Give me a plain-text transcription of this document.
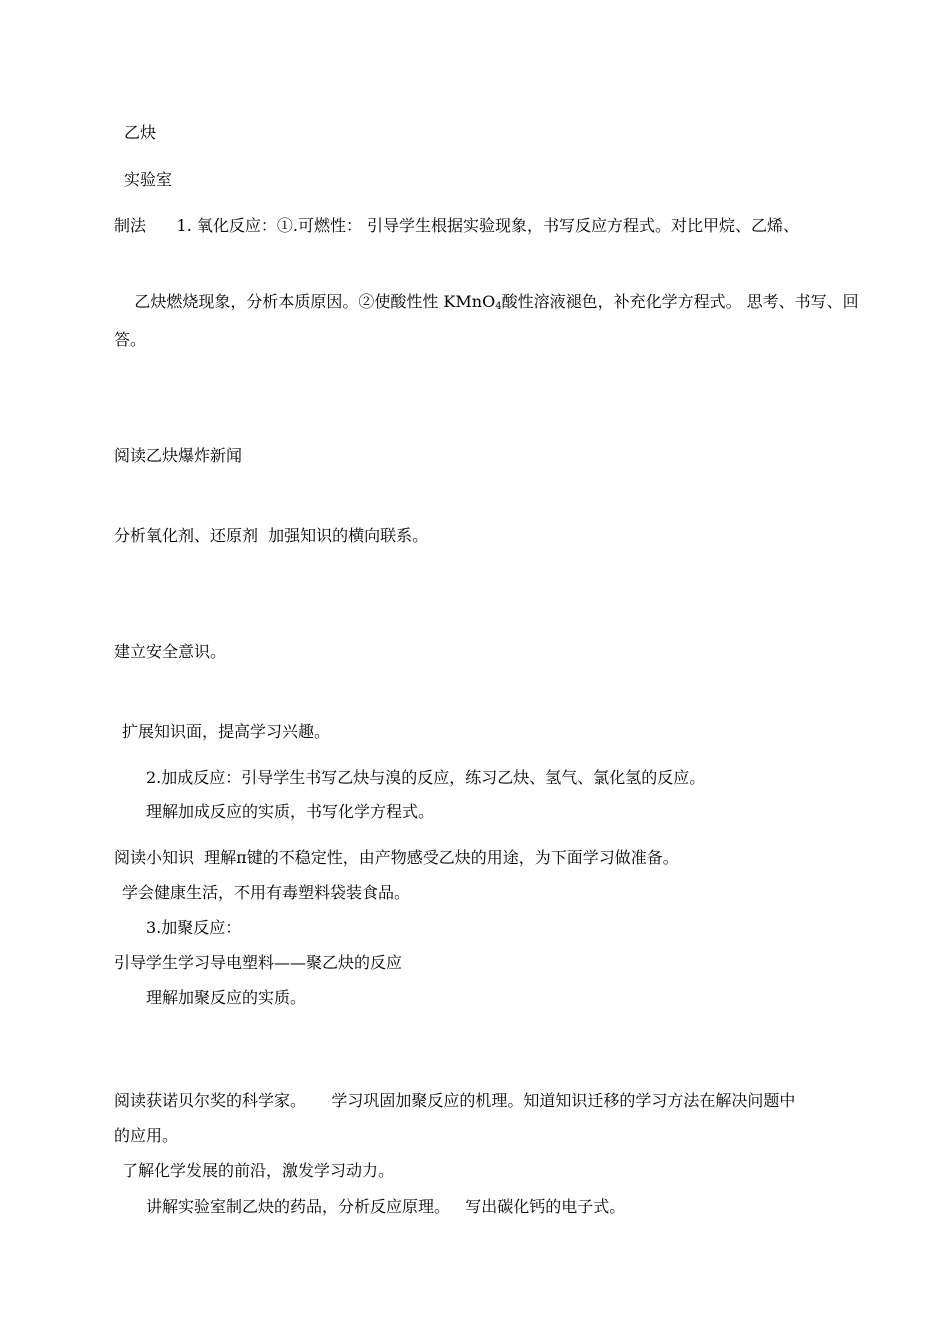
乙炔
实验室
制法      1. 氧化反应：①.可燃性： 引导学生根据实验现象，书写反应方程式。对比甲烷、乙烯、

乙炔燃烧现象，分析本质原因。②使酸性性 KMnO$_4$酸性溶液褪色，补充化学方程式。 思考、书写、回

答。
阅读乙炔爆炸新闻
分析氧化剂、还原剂  加强知识的横向联系。
建立安全意识。
扩展知识面，提高学习兴趣。
2.加成反应：引导学生书写乙炔与溴的反应，练习乙炔、氢气、氯化氢的反应。
理解加成反应的实质，书写化学方程式。
阅读小知识  理解π键的不稳定性，由产物感受乙炔的用途，为下面学习做准备。
学会健康生活，不用有毒塑料袋装食品。
3.加聚反应：
引导学生学习导电塑料——聚乙炔的反应
理解加聚反应的实质。
阅读获诺贝尔奖的科学家。     学习巩固加聚反应的机理。知道知识迁移的学习方法在解决问题中
的应用。
了解化学发展的前沿，激发学习动力。
讲解实验室制乙炔的药品，分析反应原理。   写出碳化钙的电子式。
